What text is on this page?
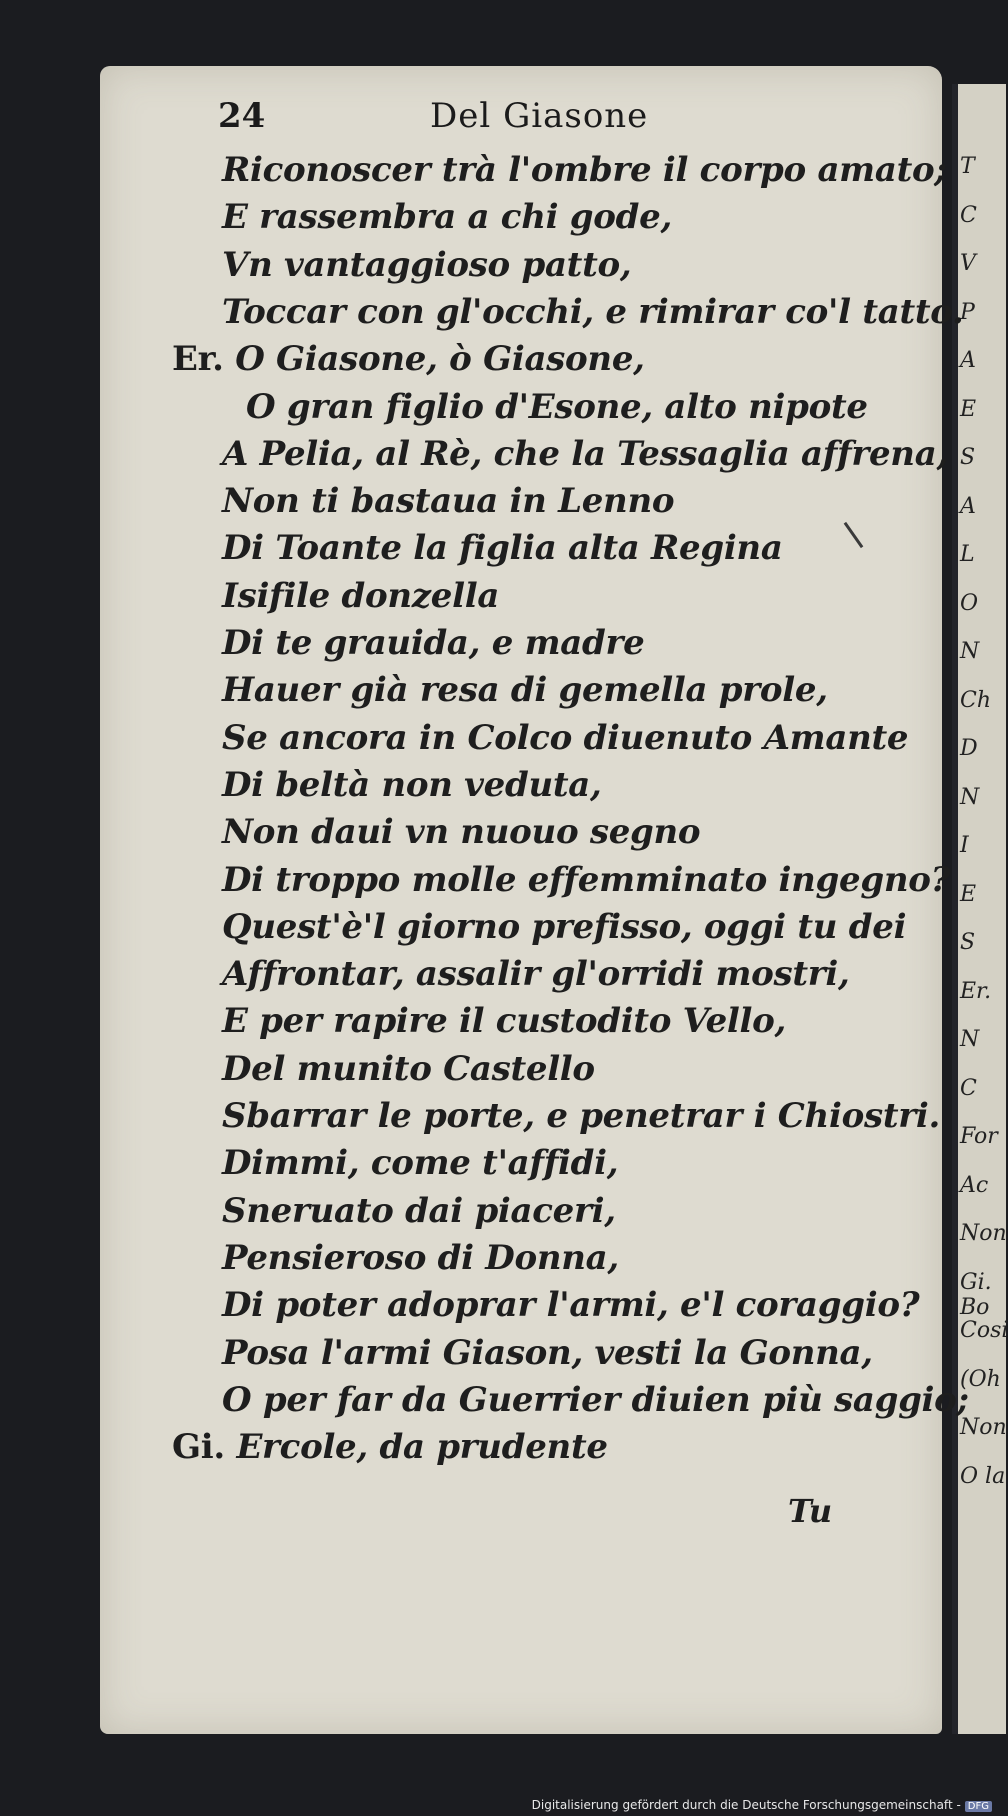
T
C
V
P
A
E
S
A
L
O
N
Ch
D
N
I
E
S
Er.
N
C
For
Ac
Non
Gi. Bo
Cosi
(Oh
Non
O la
24	Del Giasone
Riconoscer trà l'ombre il corpo amato;
E rassembra a chi gode,
Vn vantaggioso patto,
Toccar con gl'occhi, e rimirar co'l tatto.
Er. O Giasone, ò Giasone,
O gran figlio d'Esone, alto nipote
A Pelia, al Rè, che la Tessaglia affrena,
Non ti bastaua in Lenno
Di Toante la figlia alta Regina
Isifile donzella
Di te grauida, e madre
Hauer già resa di gemella prole,
Se ancora in Colco diuenuto Amante
Di beltà non veduta,
Non daui vn nuouo segno
Di troppo molle effemminato ingegno?
Quest'è'l giorno prefisso, oggi tu dei
Affrontar, assalir gl'orridi mostri,
E per rapire il custodito Vello,
Del munito Castello
Sbarrar le porte, e penetrar i Chiostri.
Dimmi, come t'affidi,
Sneruato dai piaceri,
Pensieroso di Donna,
Di poter adoprar l'armi, e'l coraggio?
Posa l'armi Giason, vesti la Gonna,
O per far da Guerrier diuien più saggio;
Gi. Ercole, da prudente
Tu
Digitalisierung gefördert durch die Deutsche Forschungsgemeinschaft - DFG
